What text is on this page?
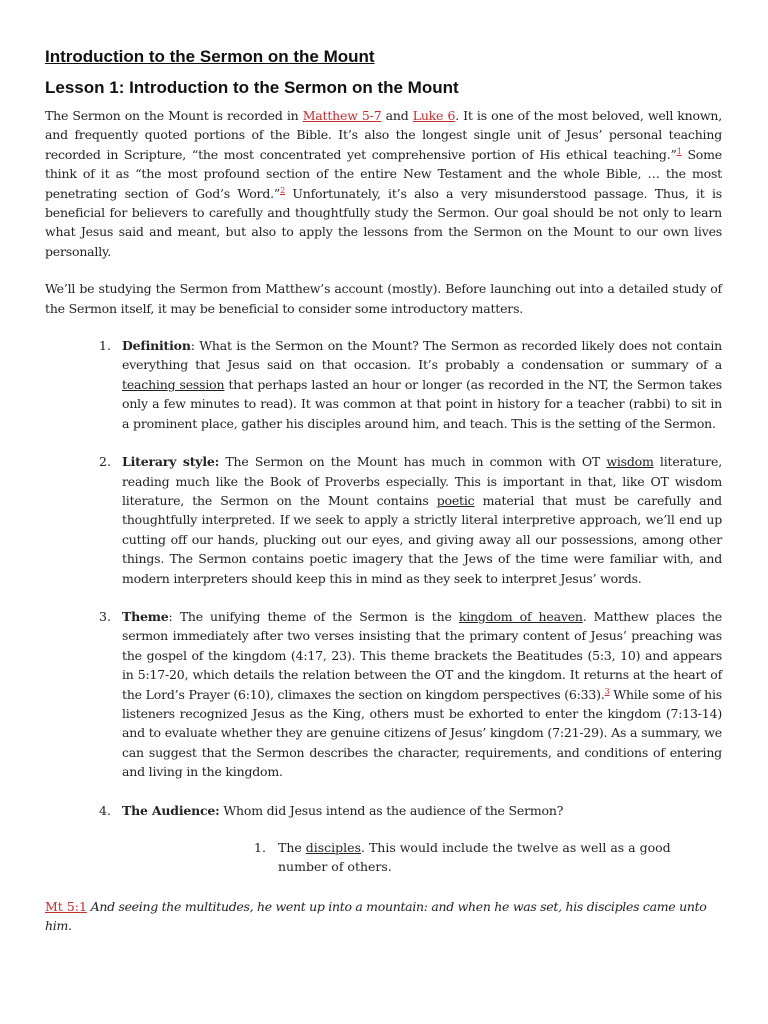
Introduction to the Sermon on the Mount
Lesson 1: Introduction to the Sermon on the Mount

The Sermon on the Mount is recorded in Matthew 5-7 and Luke 6. It is one of the most beloved, well known, and frequently quoted portions of the Bible. It’s also the longest single unit of Jesus’ personal teaching recorded in Scripture, “the most concentrated yet comprehensive portion of His ethical teaching.”$^1$ Some think of it as “the most profound section of the entire New Testament and the whole Bible, … the most penetrating section of God’s Word.”$^2$ Unfortunately, it’s also a very misunderstood passage. Thus, it is beneficial for believers to carefully and thoughtfully study the Sermon. Our goal should be not only to learn what Jesus said and meant, but also to apply the lessons from the Sermon on the Mount to our own lives personally.

We’ll be studying the Sermon from Matthew’s account (mostly). Before launching out into a detailed study of the Sermon itself, it may be beneficial to consider some introductory matters.

1. Definition: What is the Sermon on the Mount? The Sermon as recorded likely does not contain everything that Jesus said on that occasion. It’s probably a condensation or summary of a teaching session that perhaps lasted an hour or longer (as recorded in the NT, the Sermon takes only a few minutes to read). It was common at that point in history for a teacher (rabbi) to sit in a prominent place, gather his disciples around him, and teach. This is the setting of the Sermon.

2. Literary style: The Sermon on the Mount has much in common with OT wisdom literature, reading much like the Book of Proverbs especially. This is important in that, like OT wisdom literature, the Sermon on the Mount contains poetic material that must be carefully and thoughtfully interpreted. If we seek to apply a strictly literal interpretive approach, we’ll end up cutting off our hands, plucking out our eyes, and giving away all our possessions, among other things. The Sermon contains poetic imagery that the Jews of the time were familiar with, and modern interpreters should keep this in mind as they seek to interpret Jesus’ words.

3. Theme: The unifying theme of the Sermon is the kingdom of heaven. Matthew places the sermon immediately after two verses insisting that the primary content of Jesus’ preaching was the gospel of the kingdom (4:17, 23). This theme brackets the Beatitudes (5:3, 10) and appears in 5:17-20, which details the relation between the OT and the kingdom. It returns at the heart of the Lord’s Prayer (6:10), climaxes the section on kingdom perspectives (6:33).$^3$ While some of his listeners recognized Jesus as the King, others must be exhorted to enter the kingdom (7:13-14) and to evaluate whether they are genuine citizens of Jesus’ kingdom (7:21-29). As a summary, we can suggest that the Sermon describes the character, requirements, and conditions of entering and living in the kingdom.

4. The Audience: Whom did Jesus intend as the audience of the Sermon?

1. The disciples. This would include the twelve as well as a good number of others.
Mt 5:1 And seeing the multitudes, he went up into a mountain: and when he was set, his disciples came unto him.
